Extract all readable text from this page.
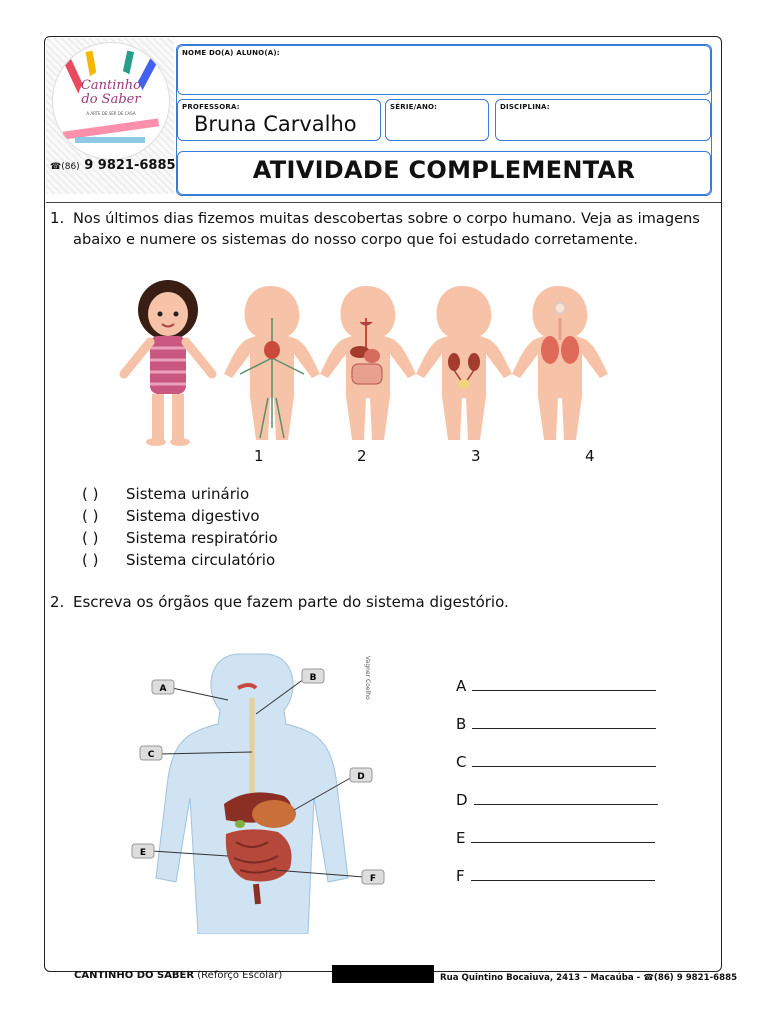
Cantinho do Saber
A ARTE DE SER DE CASA
☎(86) 9 9821-6885
NOME DO(A) ALUNO(A):
PROFESSORA:
Bruna Carvalho
SÉRIE/ANO:	DISCIPLINA:
ATIVIDADE COMPLEMENTAR
1. Nos últimos dias fizemos muitas descobertas sobre o corpo humano. Veja as imagens
abaixo e numere os sistemas do nosso corpo que foi estudado corretamente.
1	2	3	4
( ) Sistema urinário
( ) Sistema digestivo
( ) Sistema respiratório
( ) Sistema circulatório
2. Escreva os órgãos que fazem parte do sistema digestório.
A
B
C
D
E
F
Vagner Coelho	A
B
C
D
E
F
CANTINHO DO SABER (Reforço Escolar)	Rua Quintino Bocaiuva, 2413 – Macaúba - ☎(86) 9 9821-6885
